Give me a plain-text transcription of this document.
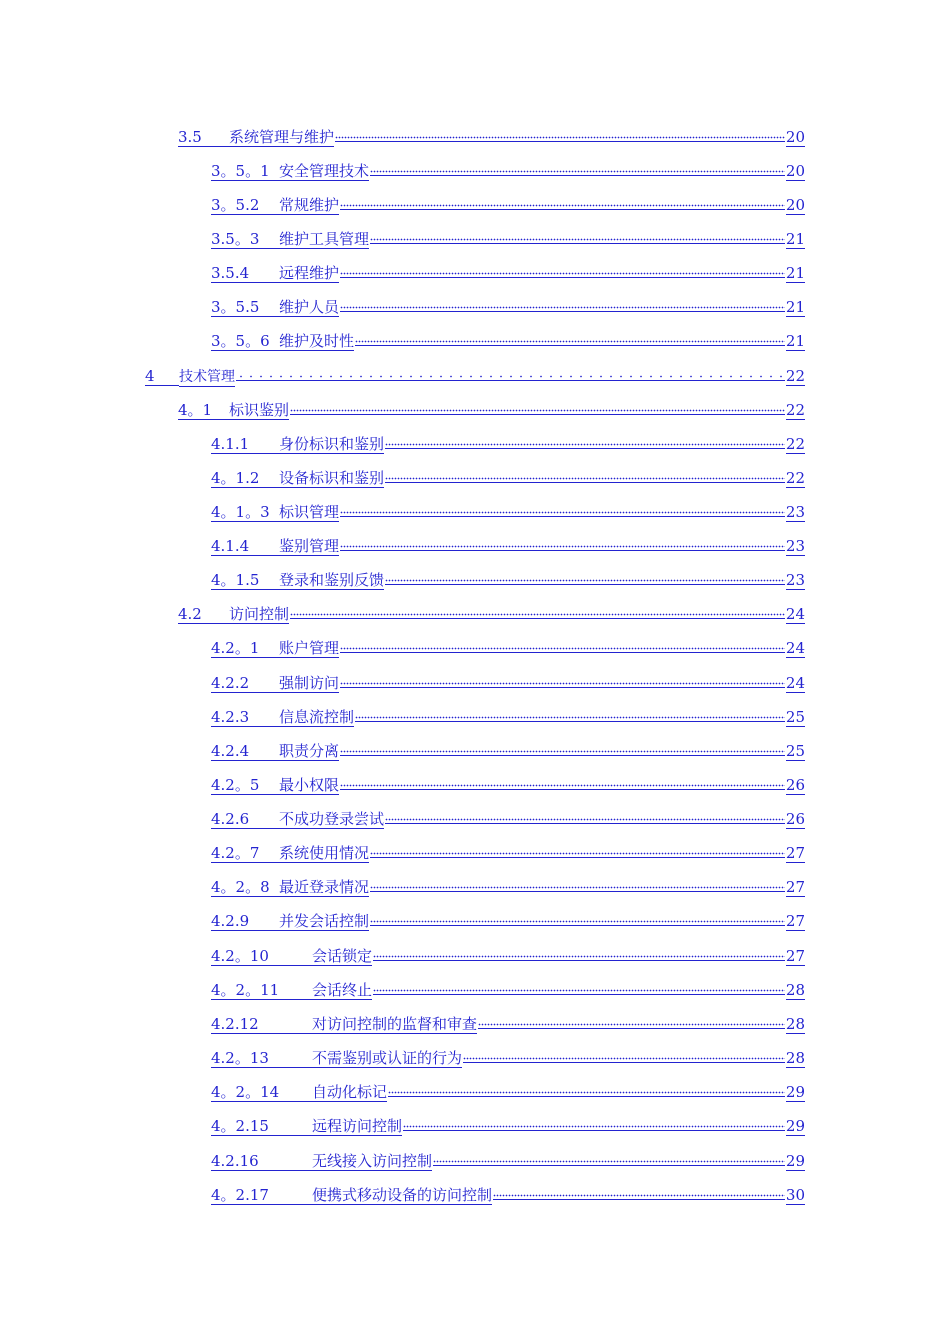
3.5	系统管理与维护	20
3。5。1 安全管理技术	20
3。5.2	常规维护	20
3.5。3	维护工具管理	21
3.5.4	远程维护	21
3。5.5	维护人员	21
3。5。6 维护及时性	21
4	技术管理	22
4。1	标识鉴别	22
4.1.1	身份标识和鉴别	22
4。1.2	设备标识和鉴别	22
4。1。3 标识管理	23
4.1.4	鉴别管理	23
4。1.5	登录和鉴别反馈	23
4.2	访问控制	24
4.2。1	账户管理	24
4.2.2	强制访问	24
4.2.3	信息流控制	25
4.2.4	职责分离	25
4.2。5	最小权限	26
4.2.6	不成功登录尝试	26
4.2。7	系统使用情况	27
4。2。8 最近登录情况	27
4.2.9	并发会话控制	27
4.2。10	会话锁定	27
4。2。11	会话终止	28
4.2.12	对访问控制的监督和审查	28
4.2。13	不需鉴别或认证的行为	28
4。2。14	自动化标记	29
4。2.15	远程访问控制	29
4.2.16	无线接入访问控制	29
4。2.17	便携式移动设备的访问控制	30
